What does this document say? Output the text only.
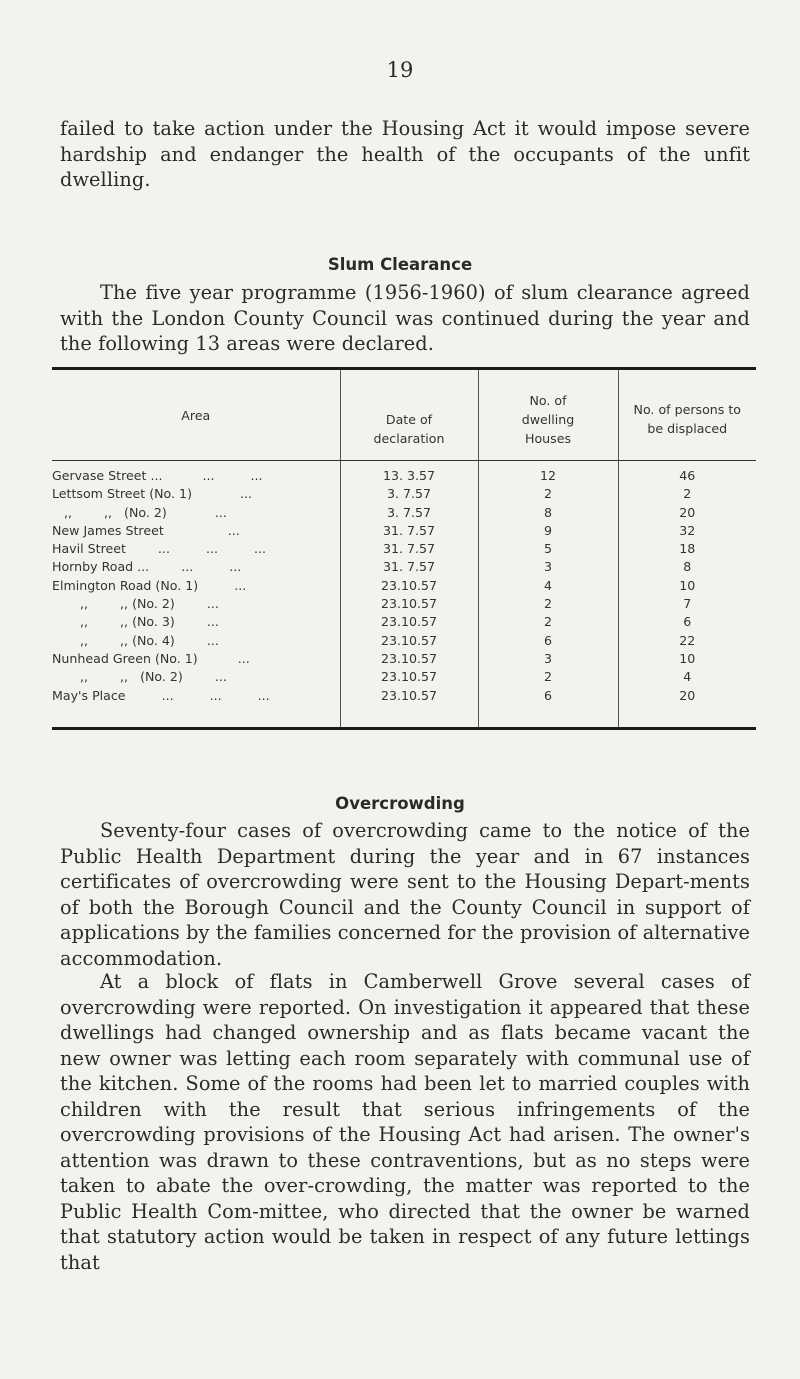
19

failed to take action under the Housing Act it would impose severe hardship and endanger the health of the occupants of the unfit dwelling.

Slum Clearance

The five year programme (1956-1960) of slum clearance agreed with the London County Council was continued during the year and the following 13 areas were declared.

Area	Date of declaration	No. of dwelling Houses	No. of persons to be displaced

Gervase Street ...          ...         ...	13. 3.57	12	46
Lettsom Street (No. 1)            ...	3. 7.57	2	2
,,        ,,   (No. 2)            ...	3. 7.57	8	20
New James Street                ...	31. 7.57	9	32
Havil Street        ...         ...         ...	31. 7.57	5	18
Hornby Road ...        ...         ...	31. 7.57	3	8
Elmington Road (No. 1)         ...	23.10.57	4	10
,,        ,, (No. 2)        ...	23.10.57	2	7
,,        ,, (No. 3)        ...	23.10.57	2	6
,,        ,, (No. 4)        ...	23.10.57	6	22
Nunhead Green (No. 1)          ...	23.10.57	3	10
,,        ,,   (No. 2)        ...	23.10.57	2	4
May's Place         ...         ...         ...	23.10.57	6	20

Overcrowding

Seventy-four cases of overcrowding came to the notice of the Public Health Department during the year and in 67 instances certificates of overcrowding were sent to the Housing Depart-ments of both the Borough Council and the County Council in support of applications by the families concerned for the provision of alternative accommodation.

At a block of flats in Camberwell Grove several cases of overcrowding were reported. On investigation it appeared that these dwellings had changed ownership and as flats became vacant the new owner was letting each room separately with communal use of the kitchen. Some of the rooms had been let to married couples with children with the result that serious infringements of the overcrowding provisions of the Housing Act had arisen. The owner's attention was drawn to these contraventions, but as no steps were taken to abate the over-crowding, the matter was reported to the Public Health Com-mittee, who directed that the owner be warned that statutory action would be taken in respect of any future lettings that
